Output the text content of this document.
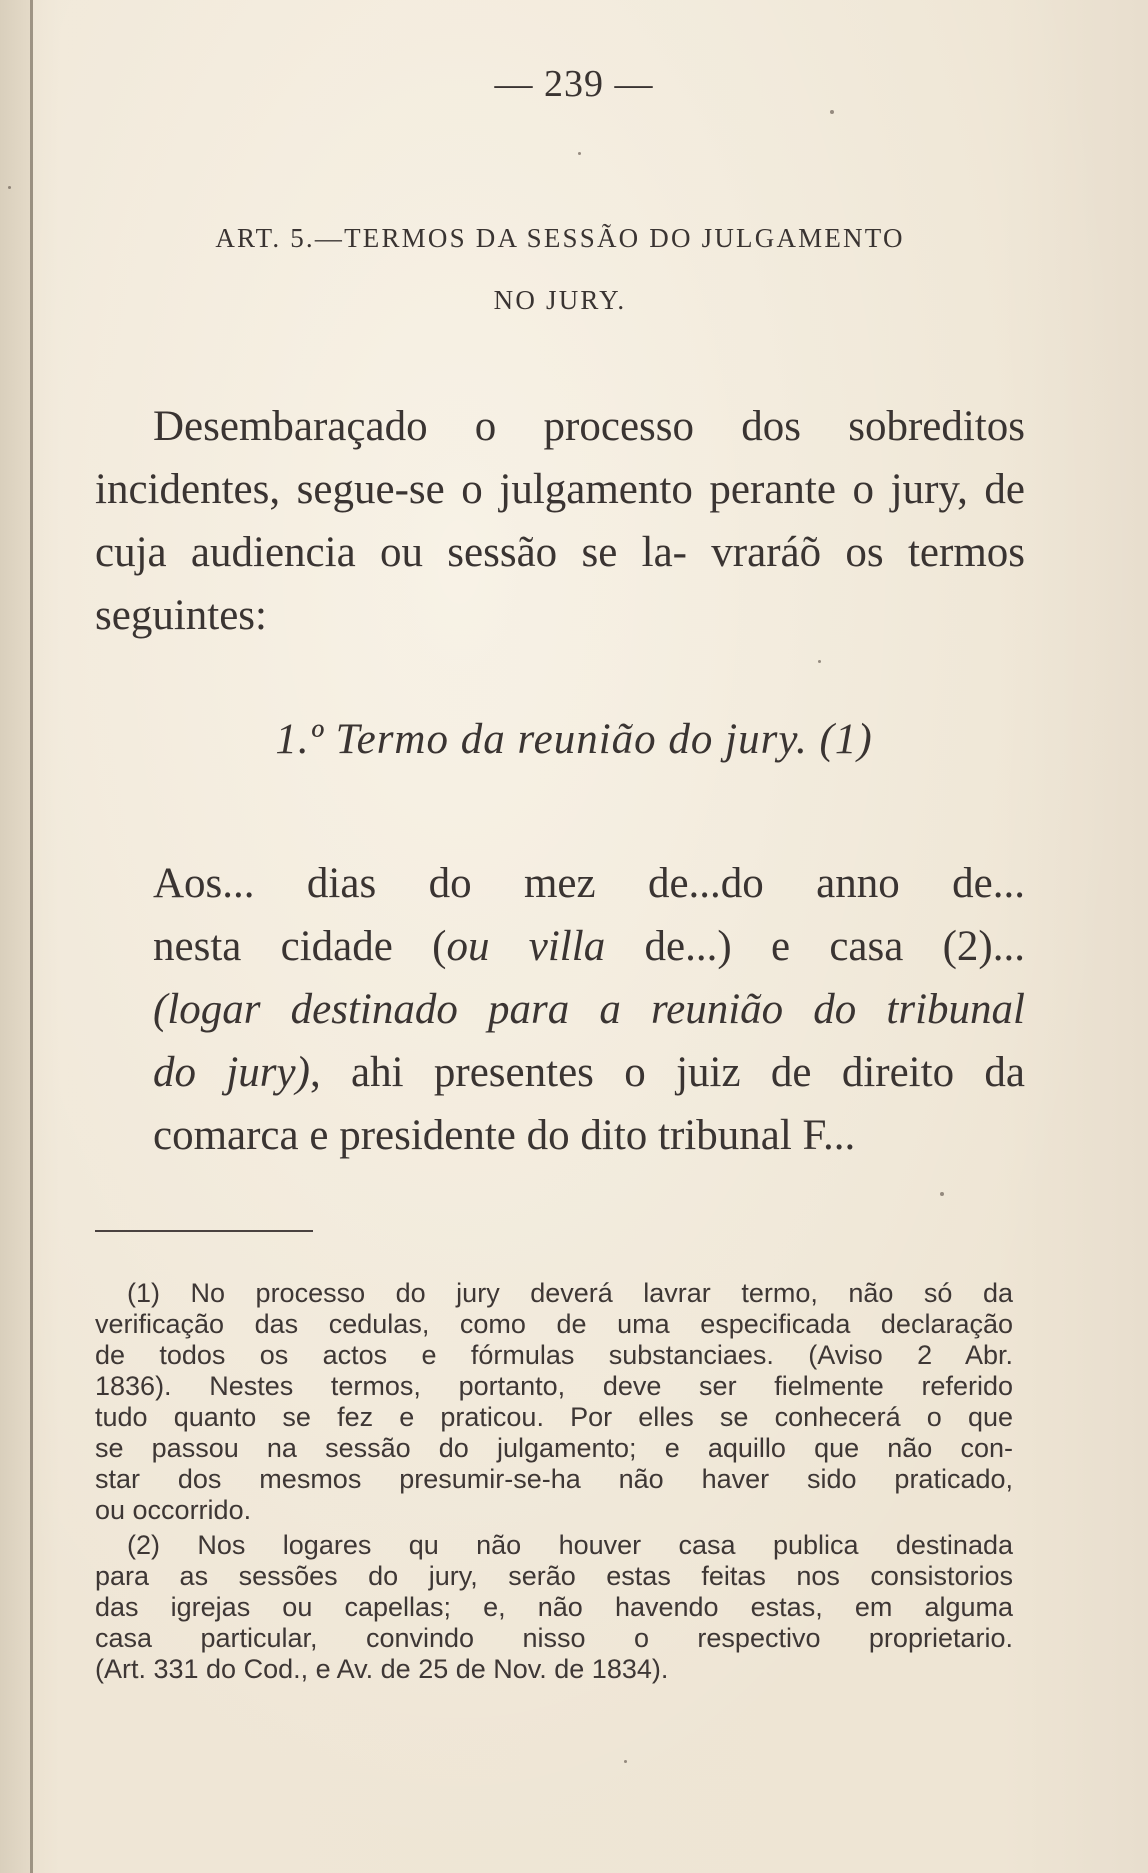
— 239 —
ART. 5.—TERMOS DA SESSÃO DO JULGAMENTO
NO JURY.
Desembaraçado o processo dos sobreditos incidentes, segue-se o julgamento perante o jury, de cuja audiencia ou sessão se la- vraráõ os termos seguintes:
1.º Termo da reunião do jury. (1)
Aos... dias do mez de...do anno de...
nesta cidade (ou villa de...) e casa (2)...
(logar destinado para a reunião do tribunal
do jury), ahi presentes o juiz de direito da
comarca e presidente do dito tribunal F...
(1) No processo do jury deverá lavrar termo, não só da
verificação das cedulas, como de uma especificada declaração
de todos os actos e fórmulas substanciaes. (Aviso 2 Abr.
1836). Nestes termos, portanto, deve ser fielmente referido
tudo quanto se fez e praticou. Por elles se conhecerá o que
se passou na sessão do julgamento; e aquillo que não con-
star dos mesmos presumir-se-ha não haver sido praticado,
ou occorrido.
(2) Nos logares qu não houver casa publica destinada
para as sessões do jury, serão estas feitas nos consistorios
das igrejas ou capellas; e, não havendo estas, em alguma
casa particular, convindo nisso o respectivo proprietario.
(Art. 331 do Cod., e Av. de 25 de Nov. de 1834).
